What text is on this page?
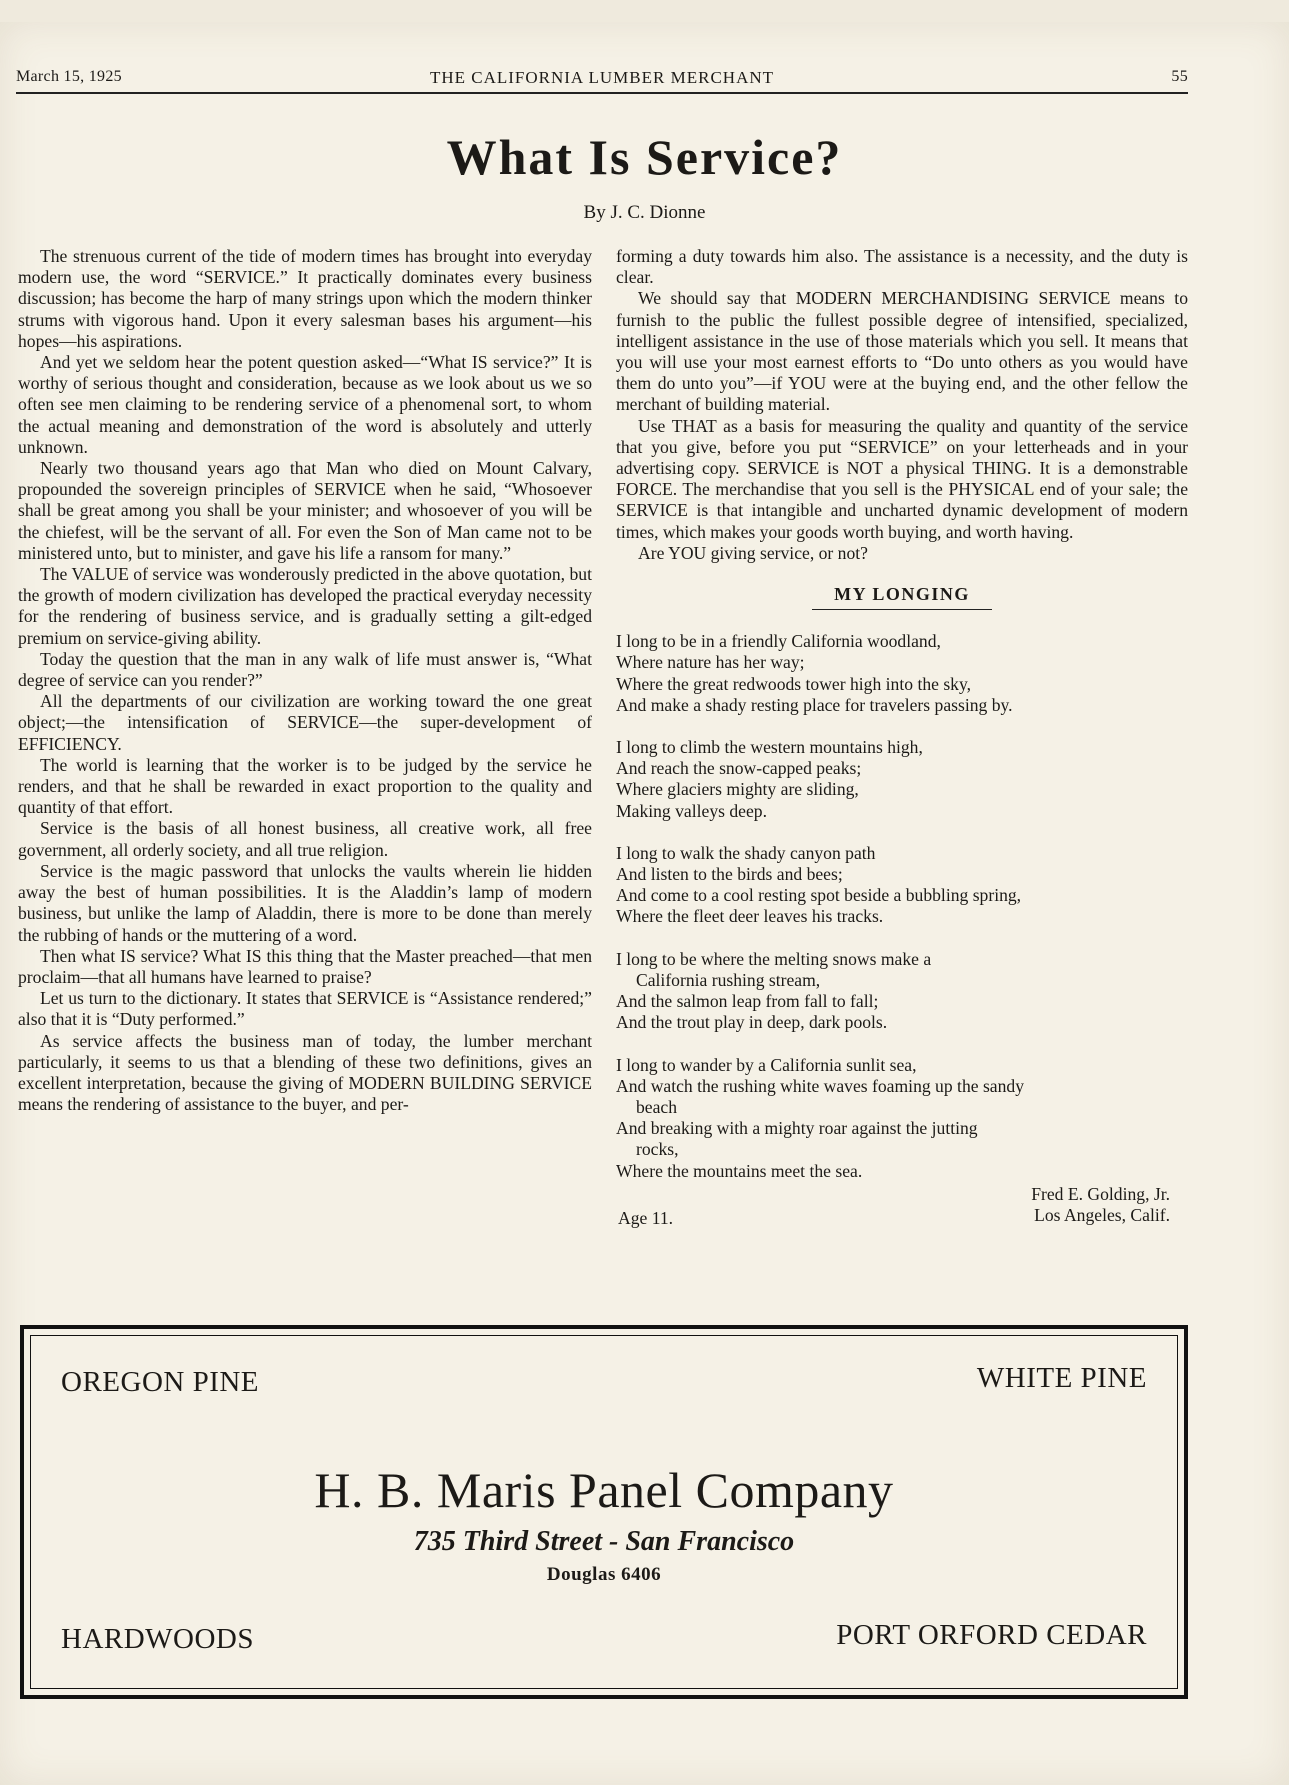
March 15, 1925	THE CALIFORNIA LUMBER MERCHANT	55
What Is Service?
By J. C. Dionne

The strenuous current of the tide of modern times has brought into everyday modern use, the word “SERVICE.” It practically dominates every business discussion; has become the harp of many strings upon which the modern thinker strums with vigorous hand. Upon it every salesman bases his argument—his hopes—his aspirations.

And yet we seldom hear the potent question asked—“What IS service?” It is worthy of serious thought and consideration, because as we look about us we so often see men claiming to be rendering service of a phenomenal sort, to whom the actual meaning and demonstration of the word is absolutely and utterly unknown.

Nearly two thousand years ago that Man who died on Mount Calvary, propounded the sovereign principles of SERVICE when he said, “Whosoever shall be great among you shall be your minister; and whosoever of you will be the chiefest, will be the servant of all. For even the Son of Man came not to be ministered unto, but to minister, and gave his life a ransom for many.”

The VALUE of service was wonderously predicted in the above quotation, but the growth of modern civilization has developed the practical everyday necessity for the rendering of business service, and is gradually setting a gilt-edged premium on service-giving ability.

Today the question that the man in any walk of life must answer is, “What degree of service can you render?”

All the departments of our civilization are working toward the one great object;—the intensification of SERVICE—the super-development of EFFICIENCY.

The world is learning that the worker is to be judged by the service he renders, and that he shall be rewarded in exact proportion to the quality and quantity of that effort.

Service is the basis of all honest business, all creative work, all free government, all orderly society, and all true religion.

Service is the magic password that unlocks the vaults wherein lie hidden away the best of human possibilities. It is the Aladdin’s lamp of modern business, but unlike the lamp of Aladdin, there is more to be done than merely the rubbing of hands or the muttering of a word.

Then what IS service? What IS this thing that the Master preached—that men proclaim—that all humans have learned to praise?

Let us turn to the dictionary. It states that SERVICE is “Assistance rendered;” also that it is “Duty performed.”

As service affects the business man of today, the lumber merchant particularly, it seems to us that a blending of these two definitions, gives an excellent interpretation, because the giving of MODERN BUILDING SERVICE means the rendering of assistance to the buyer, and per-

forming a duty towards him also. The assistance is a necessity, and the duty is clear.

We should say that MODERN MERCHANDISING SERVICE means to furnish to the public the fullest possible degree of intensified, specialized, intelligent assistance in the use of those materials which you sell. It means that you will use your most earnest efforts to “Do unto others as you would have them do unto you”—if YOU were at the buying end, and the other fellow the merchant of building material.

Use THAT as a basis for measuring the quality and quantity of the service that you give, before you put “SERVICE” on your letterheads and in your advertising copy. SERVICE is NOT a physical THING. It is a demonstrable FORCE. The merchandise that you sell is the PHYSICAL end of your sale; the SERVICE is that intangible and uncharted dynamic development of modern times, which makes your goods worth buying, and worth having.

Are YOU giving service, or not?

MY LONGING
I long to be in a friendly California woodland,
Where nature has her way;
Where the great redwoods tower high into the sky,
And make a shady resting place for travelers passing by.
I long to climb the western mountains high,
And reach the snow-capped peaks;
Where glaciers mighty are sliding,
Making valleys deep.
I long to walk the shady canyon path
And listen to the birds and bees;
And come to a cool resting spot beside a bubbling spring,
Where the fleet deer leaves his tracks.
I long to be where the melting snows make a
California rushing stream,
And the salmon leap from fall to fall;
And the trout play in deep, dark pools.
I long to wander by a California sunlit sea,
And watch the rushing white waves foaming up the sandy
beach
And breaking with a mighty roar against the jutting
rocks,
Where the mountains meet the sea.
Fred E. Golding, Jr.
Los Angeles, Calif.
Age 11.
OREGON PINE	WHITE PINE
H. B. Maris Panel Company
735 Third Street - San Francisco
Douglas 6406
HARDWOODS	PORT ORFORD CEDAR
